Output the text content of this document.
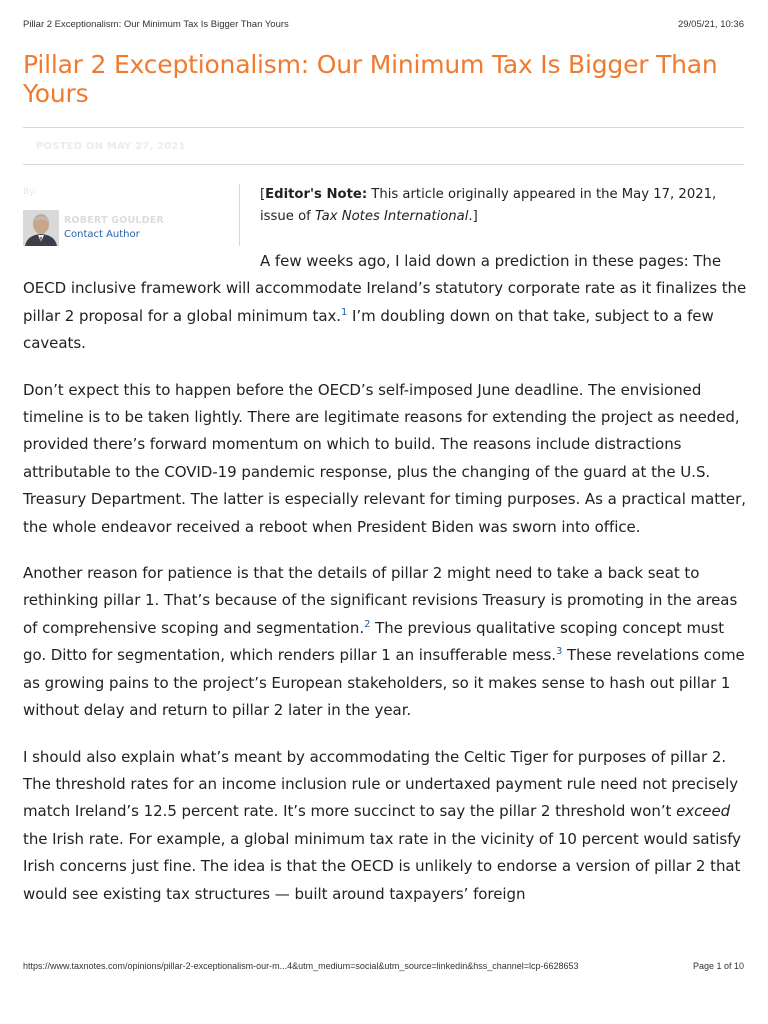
Pillar 2 Exceptionalism: Our Minimum Tax Is Bigger Than Yours	29/05/21, 10:36
Pillar 2 Exceptionalism: Our Minimum Tax Is Bigger Than Yours
POSTED ON MAY 27, 2021
By:
ROBERT GOULDER
Contact Author
[Editor's Note: This article originally appeared in the May 17, 2021, issue of Tax Notes International.]

A few weeks ago, I laid down a prediction in these pages: The OECD inclusive framework will accommodate Ireland’s statutory corporate rate as it finalizes the pillar 2 proposal for a global minimum tax.$^1$ I’m doubling down on that take, subject to a few caveats.

Don’t expect this to happen before the OECD’s self-imposed June deadline. The envisioned timeline is to be taken lightly. There are legitimate reasons for extending the project as needed, provided there’s forward momentum on which to build. The reasons include distractions attributable to the COVID-19 pandemic response, plus the changing of the guard at the U.S. Treasury Department. The latter is especially relevant for timing purposes. As a practical matter, the whole endeavor received a reboot when President Biden was sworn into office.

Another reason for patience is that the details of pillar 2 might need to take a back seat to rethinking pillar 1. That’s because of the significant revisions Treasury is promoting in the areas of comprehensive scoping and segmentation.$^2$ The previous qualitative scoping concept must go. Ditto for segmentation, which renders pillar 1 an insufferable mess.$^3$ These revelations come as growing pains to the project’s European stakeholders, so it makes sense to hash out pillar 1 without delay and return to pillar 2 later in the year.

I should also explain what’s meant by accommodating the Celtic Tiger for purposes of pillar 2. The threshold rates for an income inclusion rule or undertaxed payment rule need not precisely match Ireland’s 12.5 percent rate. It’s more succinct to say the pillar 2 threshold won’t exceed the Irish rate. For example, a global minimum tax rate in the vicinity of 10 percent would satisfy Irish concerns just fine. The idea is that the OECD is unlikely to endorse a version of pillar 2 that would see existing tax structures — built around taxpayers’ foreign

https://www.taxnotes.com/opinions/pillar-2-exceptionalism-our-m...4&utm_medium=social&utm_source=linkedin&hss_channel=lcp-6628653	Page 1 of 10
